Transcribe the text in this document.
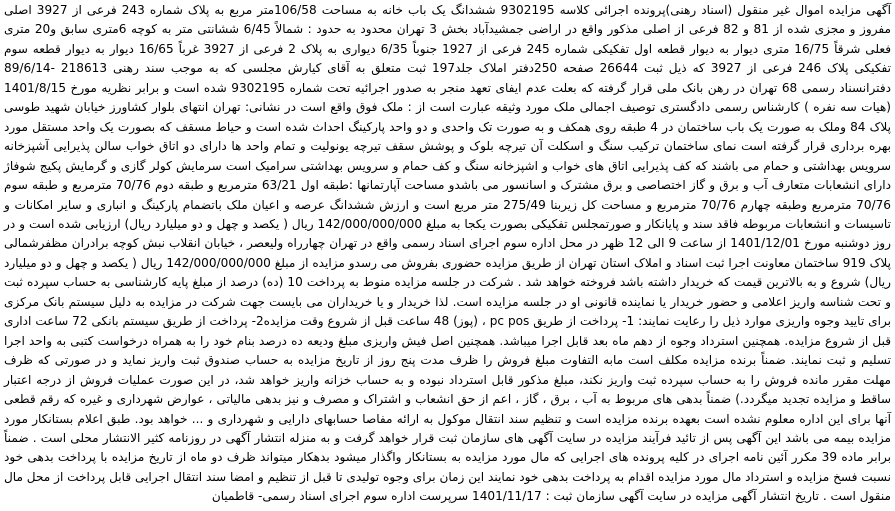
آگهی مزایده اموال غیر منقول (اسناد رهنی)پرونده اجرائی کلاسه 9302195 ششدانگ یک باب خانه به مساحت 106/58متر مربع به پلاک شماره 243 فرعی از 3927 اصلی مفروز و مجزی شده از 81 و 82 فرعی از اصلی مذکور واقع در اراضی جمشیدآباد بخش 3 تهران محدود به حدود : شمالاً 6/45 ششانتی متر به کوچه 6متری سابق و20 متری فعلی شرقاً 16/75 متری دیوار به دیوار قطعه اول تفکیکی شماره 245 فرعی از 1927 جنوباً 6/35 دیواری به پلاک 2 فرعی از 3927 غرباً 16/65 دیوار به دیوار قطعه سوم تفکیکی پلاک 246 فرعی از 3927 که ذیل ثبت 26644 صفحه 250دفتر املاک جلد197 ثبت متعلق به آقای کیارش مجلسی که به موجب سند رهنی 218613 -89/6/14 دفترانسناد رسمی 68 تهران در رهن بانک ملی قرار گرفته که بعلت عدم ایفای تعهد منجر به صدور اجرائیه تحت شماره 9302195 شده است و برابر نظریه مورخ 1401/8/15 (هیات سه نفره ) کارشناس رسمی دادگستری توصیف اجمالی ملک مورد وثیقه عبارت است از : ملک فوق واقع است در نشانی: تهران انتهای بلوار کشاورز خیابان شهید طوسی پلاک 84 وملک به صورت یک باب ساختمان در 4 طبقه روی همکف و به صورت تک واحدی و دو واحد پارکینگ احداث شده است و حیاط مسقف که بصورت یک واحد مستقل مورد بهره برداری قرار گرفته است نمای ساختمان ترکیب سنگ و اسکلت آن تیرچه بلوک و پوشش سقف تیرچه یونولیت و تمام واحد ها دارای دو اتاق خواب سالن پذیرایی آشپزخانه سرویس بهداشتی و حمام می باشند که کف پذیرایی اتاق های خواب و اشپزخانه سنگ و کف حمام و سرویس بهداشتی سرامیک است سرمایش کولر گازی و گرمایش پکیج شوفاژ دارای انشعابات متعارف آب و برق و گاز اختصاصی و برق مشترک و اسانسور می باشدو مساحت آپارتمانها :طبقه اول 63/21 مترمربع و طبقه دوم 70/76 مترمربع و طبقه سوم 70/76 مترمربع وطبقه چهارم 70/76 مترمربع و مساحت کل زیربنا 275/49 متر مربع است و ارزش ششدانگ عرصه و اعیان ملک باتضمام پارکینگ و انباری و سایر امکانات و تاسیسات و انشعابات مربوطه فاقد سند و پایانکار و صورتمجلس تفکیکی بصورت یکجا به مبلغ 142/000/000/000 ریال ( یکصد و چهل و دو میلیارد ریال) ارزیابی شده است و در روز دوشنبه مورخ 1401/12/01 از ساعت 9 الی 12 ظهر در محل اداره سوم اجرای اسناد رسمی واقع در تهران چهارراه ولیعصر ، خیابان انقلاب نبش کوچه برادران مظفرشمالی پلاک 919 ساختمان معاونت اجرا ثبت اسناد و املاک استان تهران از طریق مزایده حضوری بفروش می رسدو مزایده از مبلغ 142/000/000/000 ریال ( یکصد و چهل و دو میلیارد ریال) شروع و به بالاترین قیمت که خریدار داشته باشد فروخته خواهد شد . شرکت در جلسه مزایده منوط به پرداخت 10 (ده) درصد از مبلغ پایه کارشناسی به حساب سپرده ثبت و تحت شناسه واریز اعلامی و حضور خریدار یا نماینده قانونی او در جلسه مزایده است. لذا خریدار و یا خریداران می بایست جهت شرکت در مزایده به دلیل سیستم بانک مرکزی برای تایید وجوه واریزی موارد ذیل را رعایت نمایند: 1- پرداخت از طریق pc pos ، (پوز) 48 ساعت قبل از شروع وقت مزایده2- پرداخت از طریق سیستم بانکی 72 ساعت اداری قبل از شروع مزایده. همچنین استرداد وجوه از دهم ماه بعد قابل اجرا میباشد. همچنین اصل فیش واریزی مبلغ ودیعه ده درصد بنام خود را به همراه درخواست کتبی به واحد اجرا تسلیم و ثبت نمایند. ضمناً برنده مزایده مکلف است مابه التفاوت مبلغ فروش را ظرف مدت پنج روز از تاریخ مزایده به حساب صندوق ثبت واریز نماید و در صورتی که ظرف مهلت مقرر مانده فروش را به حساب سپرده ثبت واریز نکند، مبلغ مذکور قابل استرداد نبوده و به حساب خزانه واریز خواهد شد، در این صورت عملیات فروش از درجه اعتبار ساقط و مزایده تجدید میگردد.) ضمناً بدهی های مربوط به آب ، برق ، گاز ، اعم از حق انشعاب و اشتراک و مصرف و نیز بدهی مالیاتی ، عوارض شهرداری و غیره که رقم قطعی آنها برای این اداره معلوم نشده است بعهده برنده مزایده است و تنظیم سند انتقال موکول به ارائه مفاصا حسابهای دارایی و شهرداری و ... خواهد بود. طبق اعلام بستانکار مورد مزایده بیمه می باشد این آگهی پس از تائید فرآیند مزایده در سایت آگهی های سازمان ثبت قرار خواهد گرفت و به منزله انتشار آگهی در روزنامه کثیر الانتشار محلی است . ضمناً برابر ماده 39 مکرر آئین نامه اجرای در کلیه پرونده های اجرایی که مال مورد مزایده به بستانکار واگذار میشود بدهکار میتواند ظرف دو ماه از تاریخ مزایده با پرداخت بدهی خود نسبت فسخ مزایده و استرداد مال مورد مزایده اقدام به پرداخت بدهی خود نمایند این زمان برای وجوه تولیدی تا قبل از تنظیم و امضا سند انتقال اجرایی قابل پرداخت از محل مال منقول است . تاریخ انتشار آگهی مزایده در سایت آگهی سازمان ثبت : 1401/11/17 سرپرست اداره سوم اجرای اسناد رسمی- قاطمیان
